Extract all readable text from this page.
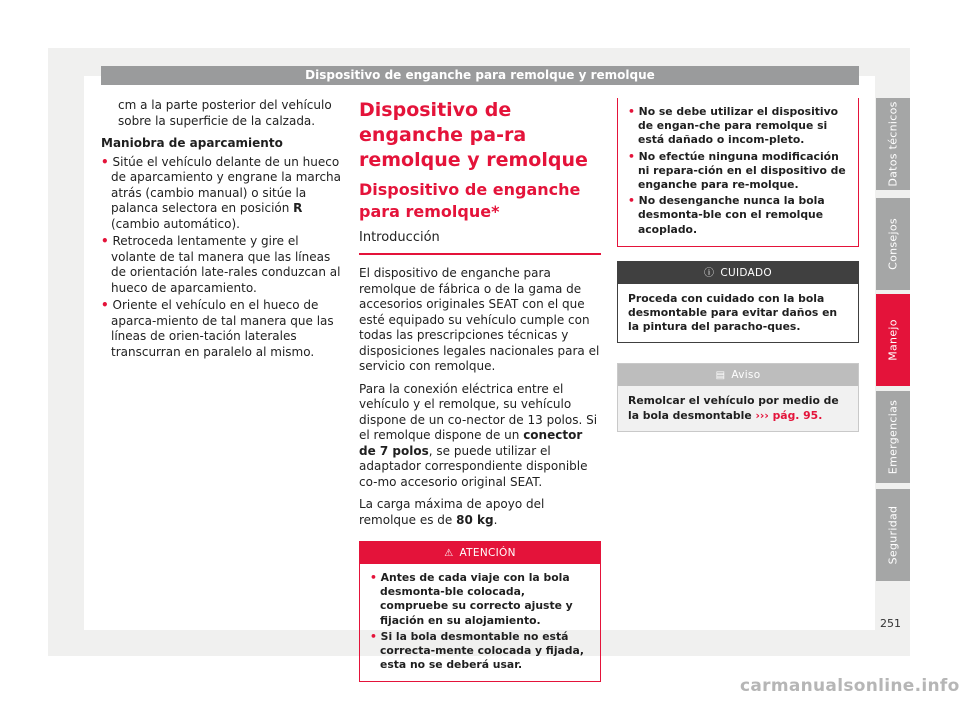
Dispositivo de enganche para remolque y remolque

cm a la parte posterior del vehículo sobre la superficie de la calzada.

Maniobra de aparcamiento

• Sitúe el vehículo delante de un hueco de aparcamiento y engrane la marcha atrás (cambio manual) o sitúe la palanca selectora en posición R (cambio automático).

• Retroceda lentamente y gire el volante de tal manera que las líneas de orientación late-rales conduzcan al hueco de aparcamiento.

• Oriente el vehículo en el hueco de aparca-miento de tal manera que las líneas de orien-tación laterales transcurran en paralelo al mismo.

Dispositivo de enganche pa-ra remolque y remolque
Dispositivo de enganche para remolque*
Introducción

El dispositivo de enganche para remolque de fábrica o de la gama de accesorios originales SEAT con el que esté equipado su vehículo cumple con todas las prescripciones técnicas y disposiciones legales nacionales para el servicio con remolque.

Para la conexión eléctrica entre el vehículo y el remolque, su vehículo dispone de un co-nector de 13 polos. Si el remolque dispone de un conector de 7 polos, se puede utilizar el adaptador correspondiente disponible co-mo accesorio original SEAT.

La carga máxima de apoyo del remolque es de 80 kg.

⚠ ATENCIÓN

• Antes de cada viaje con la bola desmonta-ble colocada, compruebe su correcto ajuste y fijación en su alojamiento.

• Si la bola desmontable no está correcta-mente colocada y fijada, esta no se deberá usar.

• No se debe utilizar el dispositivo de engan-che para remolque si está dañado o incom-pleto.

• No efectúe ninguna modificación ni repara-ción en el dispositivo de enganche para re-molque.

• No desenganche nunca la bola desmonta-ble con el remolque acoplado.

ⓘ CUIDADO
Proceda con cuidado con la bola desmontable para evitar daños en la pintura del paracho-ques.
▤ Aviso
Remolcar el vehículo por medio de la bola desmontable ››› pág. 95.
Datos técnicos
Consejos
Manejo
Emergencias
Seguridad
251
carmanualsonline.info
